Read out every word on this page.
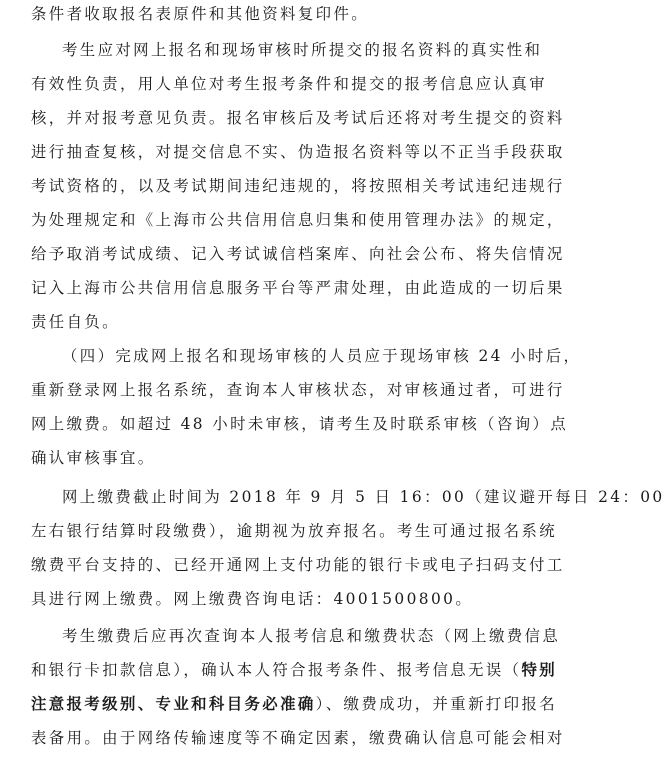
条件者收取报名表原件和其他资料复印件。
考生应对网上报名和现场审核时所提交的报名资料的真实性和
有效性负责，用人单位对考生报考条件和提交的报考信息应认真审
核，并对报考意见负责。报名审核后及考试后还将对考生提交的资料
进行抽查复核，对提交信息不实、伪造报名资料等以不正当手段获取
考试资格的，以及考试期间违纪违规的，将按照相关考试违纪违规行
为处理规定和《上海市公共信用信息归集和使用管理办法》的规定，
给予取消考试成绩、记入考试诚信档案库、向社会公布、将失信情况
记入上海市公共信用信息服务平台等严肃处理，由此造成的一切后果
责任自负。
（四）完成网上报名和现场审核的人员应于现场审核 24 小时后，
重新登录网上报名系统，查询本人审核状态，对审核通过者，可进行
网上缴费。如超过 48 小时未审核，请考生及时联系审核（咨询）点
确认审核事宜。
网上缴费截止时间为 2018 年 9 月 5 日 16：00（建议避开每日 24：00
左右银行结算时段缴费），逾期视为放弃报名。考生可通过报名系统
缴费平台支持的、已经开通网上支付功能的银行卡或电子扫码支付工
具进行网上缴费。网上缴费咨询电话：4001500800。
考生缴费后应再次查询本人报考信息和缴费状态（网上缴费信息
和银行卡扣款信息），确认本人符合报考条件、报考信息无误（特别
注意报考级别、专业和科目务必准确）、缴费成功，并重新打印报名
表备用。由于网络传输速度等不确定因素，缴费确认信息可能会相对
